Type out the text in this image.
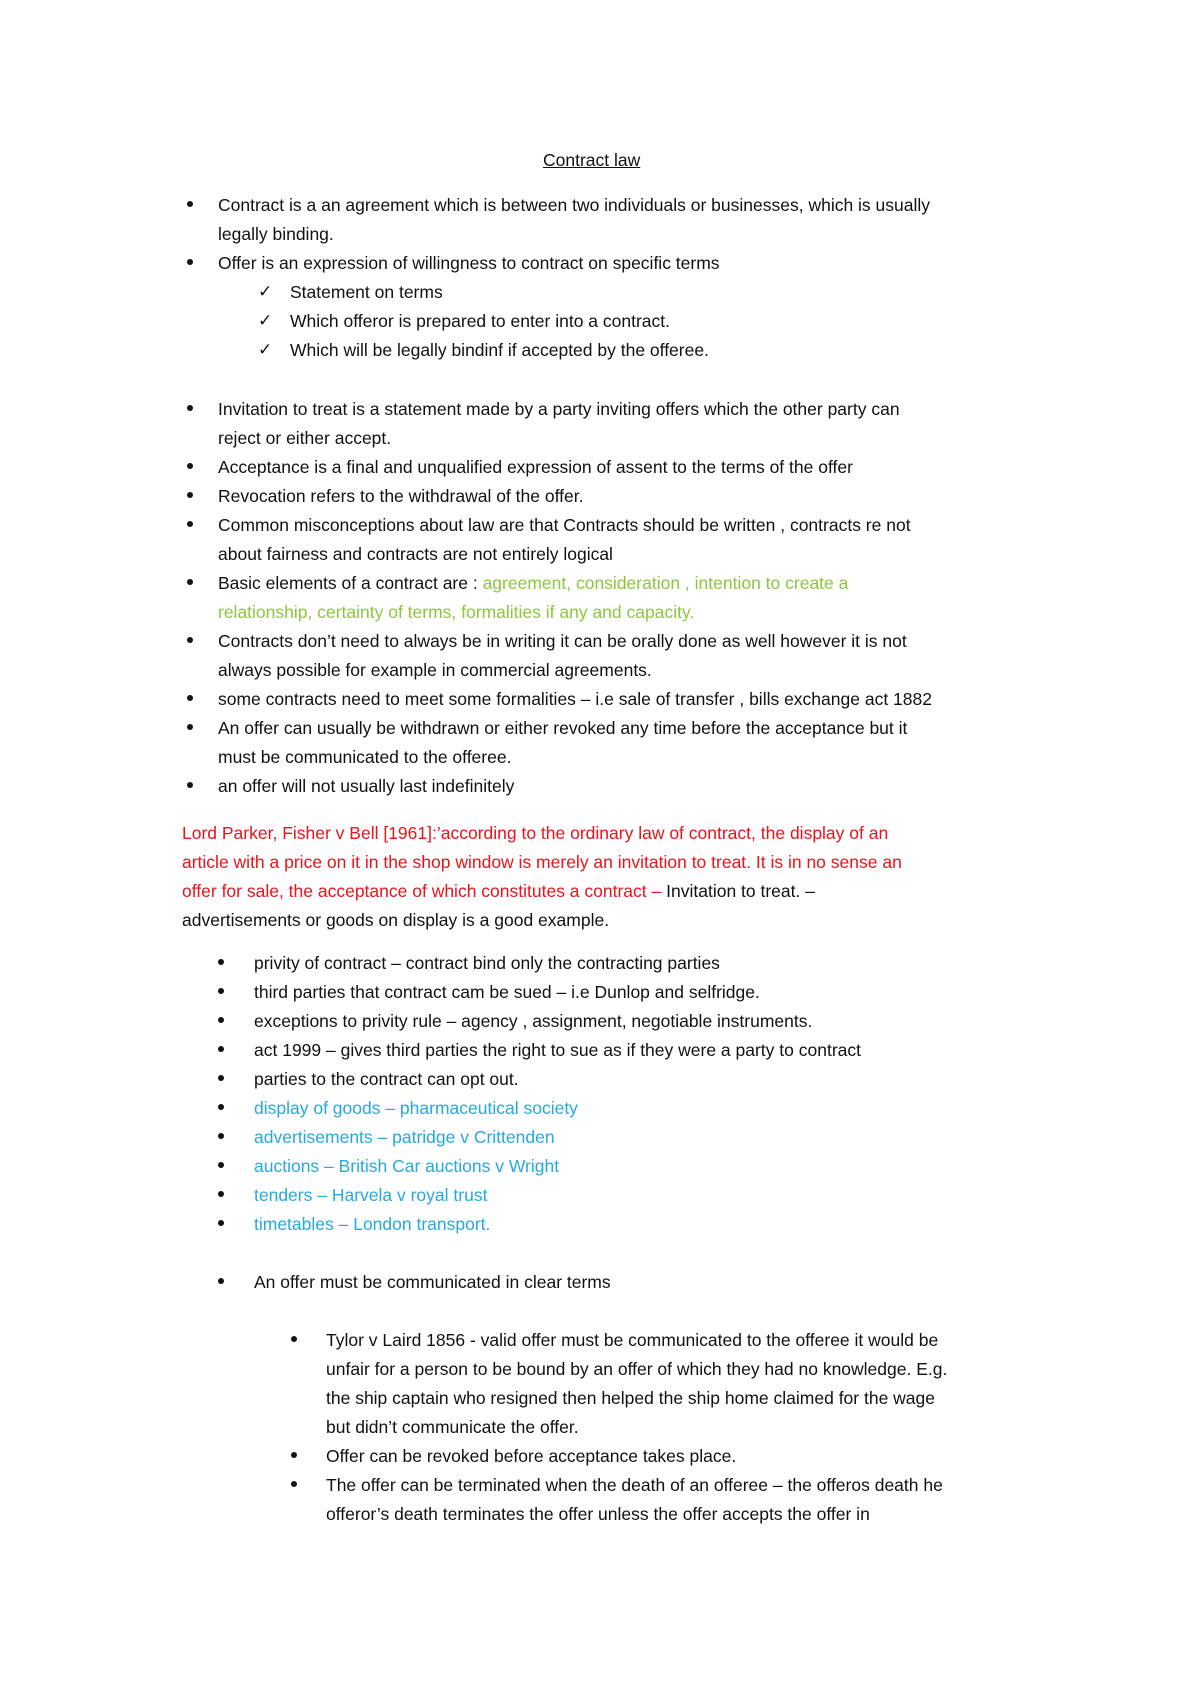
Contract law
Contract is a an agreement which is between two individuals or businesses, which is usually
legally binding.
Offer is an expression of willingness to contract on specific terms
✓ Statement on terms
✓ Which offeror is prepared to enter into a contract.
✓ Which will be legally bindinf if accepted by the offeree.
Invitation to treat is a statement made by a party inviting offers which the other party can
reject or either accept.
Acceptance is a final and unqualified expression of assent to the terms of the offer
Revocation refers to the withdrawal of the offer.
Common misconceptions about law are that Contracts should be written , contracts re not
about fairness and contracts are not entirely logical
Basic elements of a contract are : agreement, consideration , intention to create a
relationship, certainty of terms, formalities if any and capacity.
Contracts don’t need to always be in writing it can be orally done as well however it is not
always possible for example in commercial agreements.
some contracts need to meet some formalities – i.e sale of transfer , bills exchange act 1882
An offer can usually be withdrawn or either revoked any time before the acceptance but it
must be communicated to the offeree.
an offer will not usually last indefinitely
Lord Parker, Fisher v Bell [1961]:’according to the ordinary law of contract, the display of an
article with a price on it in the shop window is merely an invitation to treat. It is in no sense an
offer for sale, the acceptance of which constitutes a contract – Invitation to treat. –
advertisements or goods on display is a good example.
privity of contract – contract bind only the contracting parties
third parties that contract cam be sued – i.e Dunlop and selfridge.
exceptions to privity rule – agency , assignment, negotiable instruments.
act 1999 – gives third parties the right to sue as if they were a party to contract
parties to the contract can opt out.
display of goods – pharmaceutical society
advertisements – patridge v Crittenden
auctions – British Car auctions v Wright
tenders – Harvela v royal trust
timetables – London transport.
An offer must be communicated in clear terms
Tylor v Laird 1856 - valid offer must be communicated to the offeree it would be
unfair for a person to be bound by an offer of which they had no knowledge. E.g.
the ship captain who resigned then helped the ship home claimed for the wage
but didn’t communicate the offer.
Offer can be revoked before acceptance takes place.
The offer can be terminated when the death of an offeree – the offeros death he
offeror’s death terminates the offer unless the offer accepts the offer in
